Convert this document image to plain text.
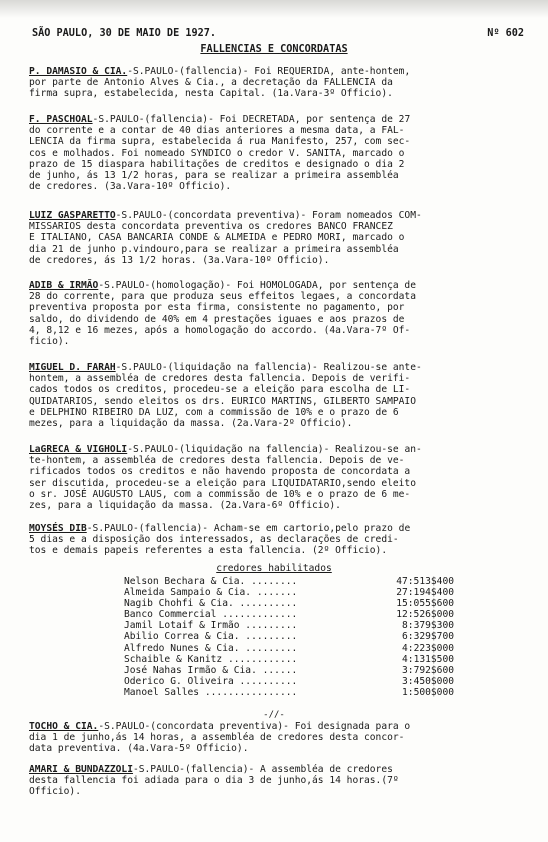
SÃO PAULO, 30 DE MAIO DE 1927.	Nº 602
FALLENCIAS E CONCORDATAS
P. DAMASIO & CIA.-S.PAULO-(fallencia)- Foi REQUERIDA, ante-hontem,
por parte de Antonio Alves & Cia., a decretação da FALLENCIA da
firma supra, estabelecida, nesta Capital. (1a.Vara-3º Officio).
F. PASCHOAL-S.PAULO-(fallencia)- Foi DECRETADA, por sentença de 27
do corrente e a contar de 40 dias anteriores a mesma data, a FAL-
LENCIA da firma supra, estabelecida á rua Manifesto, 257, com sec-
cos e molhados. Foi nomeado SYNDICO o credor V. SANITA, marcado o
prazo de 15 diaspara habilitações de creditos e designado o dia 2
de junho, ás 13 1/2 horas, para se realizar a primeira assembléa
de credores. (3a.Vara-10º Officio).
LUIZ GASPARETTO-S.PAULO-(concordata preventiva)- Foram nomeados COM-
MISSARIOS desta concordata preventiva os credores BANCO FRANCEZ
E ITALIANO, CASA BANCARIA CONDE & ALMEIDA e PEDRO MORI, marcado o
dia 21 de junho p.vindouro,para se realizar a primeira assembléa
de credores, ás 13 1/2 horas. (3a.Vara-10º Officio).
ADIB & IRMÃO-S.PAULO-(homologação)- Foi HOMOLOGADA, por sentença de
28 do corrente, para que produza seus effeitos legaes, a concordata
preventiva proposta por esta firma, consistente no pagamento, por
saldo, do dividendo de 40% em 4 prestações iguaes e aos prazos de
4, 8,12 e 16 mezes, após a homologação do accordo. (4a.Vara-7º Of-
ficio).
MIGUEL D. FARAH-S.PAULO-(liquidação na fallencia)- Realizou-se ante-
hontem, a assembléa de credores desta fallencia. Depois de verifi-
cados todos os creditos, procedeu-se a eleição para escolha de LI-
QUIDATARIOS, sendo eleitos os drs. EURICO MARTINS, GILBERTO SAMPAIO
e DELPHINO RIBEIRO DA LUZ, com a commissão de 10% e o prazo de 6
mezes, para a liquidação da massa. (2a.Vara-2º Officio).
LaGRECA & VIGHOLI-S.PAULO-(liquidação na fallencia)- Realizou-se an-
te-hontem, a assembléa de credores desta fallencia. Depois de ve-
rificados todos os creditos e não havendo proposta de concordata a
ser discutida, procedeu-se a eleição para LIQUIDATARIO,sendo eleito
o sr. JOSÉ AUGUSTO LAUS, com a commissão de 10% e o prazo de 6 me-
zes, para a liquidação da massa. (2a.Vara-6º Officio).
MOYSÉS DIB-S.PAULO-(fallencia)- Acham-se em cartorio,pelo prazo de
5 dias e a disposição dos interessados, as declarações de credi-
tos e demais papeis referentes a esta fallencia. (2º Officio).
credores habilitados
Nelson Bechara & Cia. ........	47:513$400
Almeida Sampaio & Cia. .......	27:194$400
Nagib Chohfi & Cia. ..........	15:055$600
Banco Commercial .............	12:526$000
Jamil Lotaif & Irmão .........	8:379$300
Abilio Correa & Cia. .........	6:329$700
Alfredo Nunes & Cia. .........	4:223$000
Schaible & Kanitz ............	4:131$500
José Nahas Irmão & Cia. ......	3:792$600
Oderico G. Oliveira ..........	3:450$000
Manoel Salles ................	1:500$000
-//-
TOCHO & CIA.-S.PAULO-(concordata preventiva)- Foi designada para o
dia 1 de junho,ás 14 horas, a assembléa de credores desta concor-
data preventiva. (4a.Vara-5º Officio).
AMARI & BUNDAZZOLI-S.PAULO-(fallencia)- A assembléa de credores
desta fallencia foi adiada para o dia 3 de junho,ás 14 horas.(7º
Officio).
